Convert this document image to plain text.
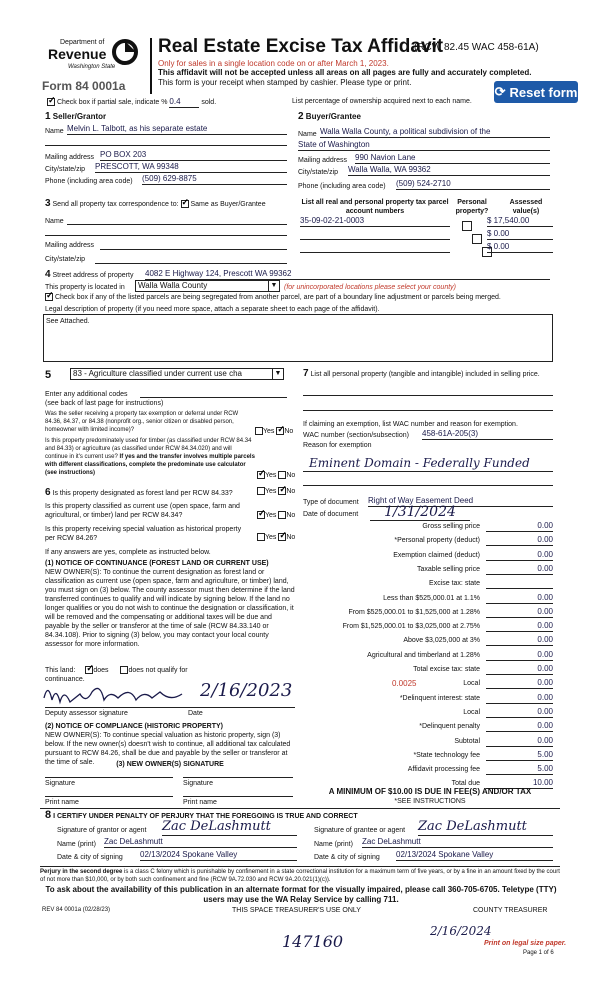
Department of
Revenue
Washington State
Form 84 0001a
Real Estate Excise Tax Affidavit
(RCW 82.45 WAC 458-61A)
Only for sales in a single location code on or after March 1, 2023.
This affidavit will not be accepted unless all areas on all pages are fully and accurately completed.
This form is your receipt when stamped by cashier. Please type or print.
⟳ Reset form
✓ Check box if partial sale, indicate % 0.4	sold.	List percentage of ownership acquired next to each name.
1 Seller/Grantor
Name Melvin L. Talbott, as his separate estate
Mailing address PO BOX 203
City/state/zip PRESCOTT, WA 99348
Phone (including area code) (509) 629-8875
2 Buyer/Grantee
Name Walla Walla County, a political subdivision of the
State of Washington
Mailing address 990 Navion Lane
City/state/zip Walla Walla, WA 99362
Phone (including area code) (509) 524-2710
3 Send all property tax correspondence to: ✓ Same as Buyer/Grantee
Name
Mailing address
City/state/zip
List all real and personal property tax parcel account numbers
Personal property?
Assessed value(s)
35-09-02-21-0003	$ 17,540.00
$ 0.00
$ 0.00
4 Street address of property 4082 E Highway 124, Prescott WA 99362
This property is located in	Walla Walla County	▼ (for unincorporated locations please select your county)
✓ Check box if any of the listed parcels are being segregated from another parcel, are part of a boundary line adjustment or parcels being merged.
Legal description of property (if you need more space, attach a separate sheet to each page of the affidavit).
See Attached.
5	83 - Agriculture classified under current use cha	▼
Enter any additional codes
(see back of last page for instructions)
Was the seller receiving a property tax exemption or deferral under RCW 84.36, 84.37, or 84.38 (nonprofit org., senior citizen or disabled person, homeowner with limited income)?	Yes ✓ No
Is this property predominately used for timber (as classified under RCW 84.34 and 84.33) or agriculture (as classified under RCW 84.34.020) and will continue in it's current use? If yes and the transfer involves multiple parcels with different classifications, complete the predominate use calculator (see instructions) ✓	Yes No
6 Is this property designated as forest land per RCW 84.33?	Yes ✓ No
Is this property classified as current use (open space, farm and agricultural, or timber) land per RCW 84.34? ✓	Yes No
Is this property receiving special valuation as historical property per RCW 84.26?	Yes ✓ No
If any answers are yes, complete as instructed below.
(1) NOTICE OF CONTINUANCE (FOREST LAND OR CURRENT USE)
NEW OWNER(S): To continue the current designation as forest land or classification as current use (open space, farm and agriculture, or timber) land, you must sign on (3) below. The county assessor must then determine if the land transferred continues to qualify and will indicate by signing below. If the land no longer qualifies or you do not wish to continue the designation or classification, it will be removed and the compensating or additional taxes will be due and payable by the seller or transferor at the time of sale (RCW 84.33.140 or 84.34.108). Prior to signing (3) below, you may contact your local county assessor for more information.
This land: ✓	does	does not qualify for
continuance.
2/16/2023
Deputy assessor signature	Date
(2) NOTICE OF COMPLIANCE (HISTORIC PROPERTY)
NEW OWNER(S): To continue special valuation as historic property, sign (3) below. If the new owner(s) doesn't wish to continue, all additional tax calculated pursuant to RCW 84.26, shall be due and payable by the seller or transferor at the time of sale.	(3) NEW OWNER(S) SIGNATURE
Signature	Signature
Print name	Print name
7 List all personal property (tangible and intangible) included in selling price.
If claiming an exemption, list WAC number and reason for exemption.
WAC number (section/subsection) 458-61A-205(3)
Reason for exemption
Eminent Domain - Federally Funded
Type of document Right of Way Easement Deed
Date of document	1/31/2024
Gross selling price	0.00
*Personal property (deduct)	0.00
Exemption claimed (deduct)	0.00
Taxable selling price	0.00
Excise tax: state
Less than $525,000.01 at 1.1%	0.00
From $525,000.01 to $1,525,000 at 1.28%	0.00
From $1,525,000.01 to $3,025,000 at 2.75%	0.00
Above $3,025,000 at 3%	0.00
Agricultural and timberland at 1.28%	0.00
Total excise tax: state	0.00
Local
0.0025	0.00
*Delinquent interest: state	0.00
Local	0.00
*Delinquent penalty	0.00
Subtotal	0.00
*State technology fee	5.00
Affidavit processing fee	5.00
Total due	10.00
A MINIMUM OF $10.00 IS DUE IN FEE(S) AND/OR TAX
*SEE INSTRUCTIONS
8 I CERTIFY UNDER PENALTY OF PERJURY THAT THE FOREGOING IS TRUE AND CORRECT
Signature of grantor or agent Zac DeLashmutt
Name (print) Zac DeLashmutt
Date & city of signing 02/13/2024 Spokane Valley
Signature of grantee or agent Zac DeLashmutt
Name (print) Zac DeLashmutt
Date & city of signing 02/13/2024 Spokane Valley
Perjury in the second degree is a class C felony which is punishable by confinement in a state correctional institution for a maximum term of five years, or by a fine in an amount fixed by the court of not more than $10,000, or by both such confinement and fine (RCW 9A.72.030 and RCW 9A.20.021(1)(c)).
To ask about the availability of this publication in an alternate format for the visually impaired, please call 360-705-6705. Teletype (TTY) users may use the WA Relay Service by calling 711.
REV 84 0001a (02/28/23)	THIS SPACE TREASURER'S USE ONLY	COUNTY TREASURER
147160
2/16/2024
Print on legal size paper.
Page 1 of 6
